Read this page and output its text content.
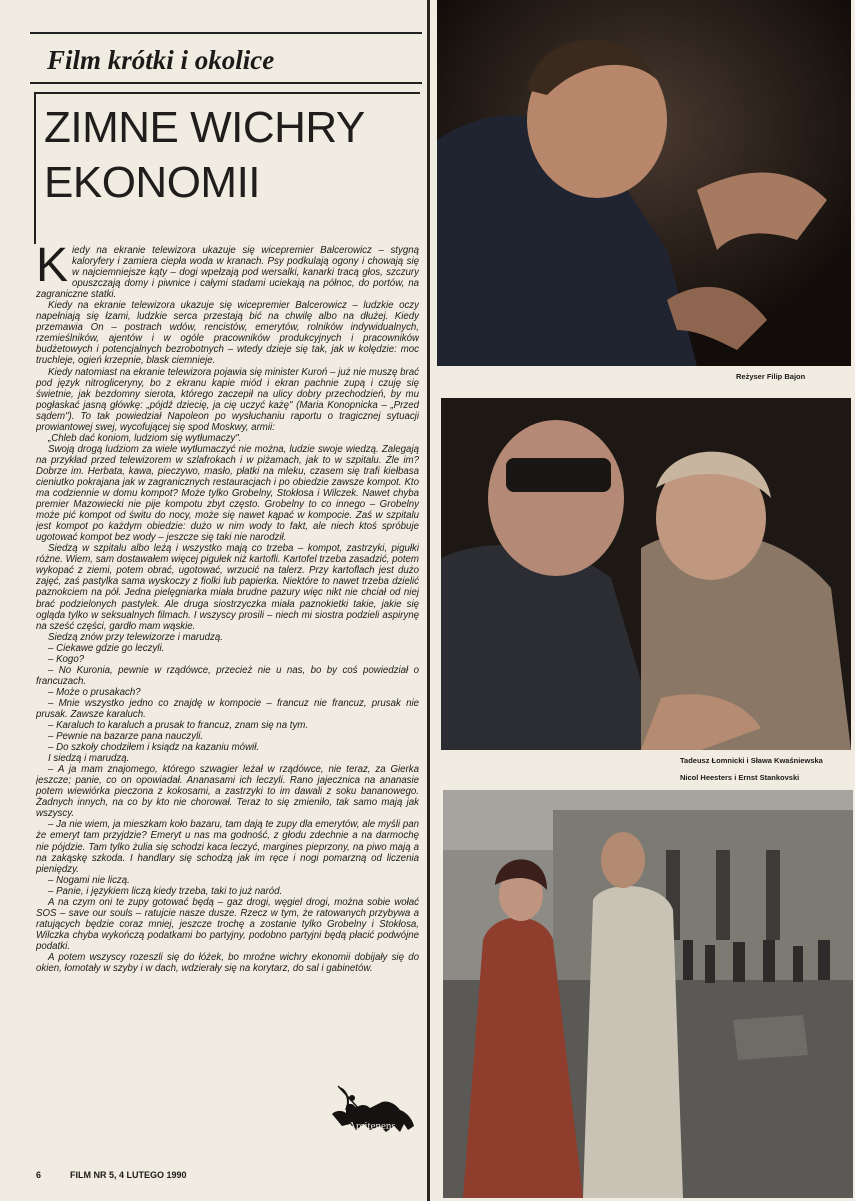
Film krótki i okolice
ZIMNE WICHRY
EKONOMII

Kiedy na ekranie telewizora ukazuje się wicepremier Balcerowicz – stygną kaloryfery i zamiera ciepła woda w kranach. Psy podkulają ogony i chowają się w najciemniejsze kąty – dogi wpełzają pod wersalki, kanarki tracą głos, szczury opuszczają domy i piwnice i całymi stadami uciekają na północ, do portów, na zagraniczne statki.

Kiedy na ekranie telewizora ukazuje się wicepremier Balcerowicz – ludzkie oczy napełniają się łzami, ludzkie serca przestają bić na chwilę albo na dłużej. Kiedy przemawia On – postrach wdów, rencistów, emerytów, rolników indywidualnych, rzemieślników, ajentów i w ogóle pracowników produkcyjnych i pracowników budżetowych i potencjalnych bezrobotnych – wtedy dzieje się tak, jak w kolędzie: moc truchleje, ogień krzepnie, blask ciemnieje.

Kiedy natomiast na ekranie telewizora pojawia się minister Kuroń – już nie muszę brać pod język nitrogliceryny, bo z ekranu kapie miód i ekran pachnie zupą i czuję się świetnie, jak bezdomny sierota, którego zaczepił na ulicy dobry przechodzień, by mu pogłaskać jasną główkę: „pójdź dziecię, ja cię uczyć każę" (Maria Konopnicka – „Przed sądem"). To tak powiedział Napoleon po wysłuchaniu raportu o tragicznej sytuacji prowiantowej swej, wycofującej się spod Moskwy, armii:

„Chleb dać koniom, ludziom się wytłumaczy".

Swoją drogą ludziom za wiele wytłumaczyć nie można, ludzie swoje wiedzą. Zalegają na przykład przed telewizorem w szlafrokach i w piżamach, jak to w szpitalu. Źle im? Dobrze im. Herbata, kawa, pieczywo, masło, płatki na mleku, czasem się trafi kiełbasa cieniutko pokrajana jak w zagranicznych restauracjach i po obiedzie zawsze kompot. Kto ma codziennie w domu kompot? Może tylko Grobelny, Stokłosa i Wilczek. Nawet chyba premier Mazowiecki nie pije kompotu zbyt często. Grobelny to co innego – Grobelny może pić kompot od świtu do nocy, może się nawet kąpać w kompocie. Zaś w szpitalu jest kompot po każdym obiedzie: dużo w nim wody to fakt, ale niech ktoś spróbuje ugotować kompot bez wody – jeszcze się taki nie narodził.

Siedzą w szpitalu albo leżą i wszystko mają co trzeba – kompot, zastrzyki, pigułki różne. Wiem, sam dostawałem więcej pigułek niż kartofli. Kartofel trzeba zasadzić, potem wykopać z ziemi, potem obrać, ugotować, wrzucić na talerz. Przy kartoflach jest dużo zajęć, zaś pastylka sama wyskoczy z fiolki lub papierka. Niektóre to nawet trzeba dzielić paznokciem na pół. Jedna pielęgniarka miała brudne pazury więc nikt nie chciał od niej brać podzielonych pastylek. Ale druga siostrzyczka miała paznokietki takie, jakie się ogląda tylko w seksualnych filmach. I wszyscy prosili – niech mi siostra podzieli aspirynę na sześć części, gardło mam wąskie.

Siedzą znów przy telewizorze i marudzą.

– Ciekawe gdzie go leczyli.

– Kogo?

– No Kuronia, pewnie w rządówce, przecież nie u nas, bo by coś powiedział o francuzach.

– Może o prusakach?

– Mnie wszystko jedno co znajdę w kompocie – francuz nie francuz, prusak nie prusak. Zawsze karaluch.

– Karaluch to karaluch a prusak to francuz, znam się na tym.

– Pewnie na bazarze pana nauczyli.

– Do szkoły chodziłem i ksiądz na kazaniu mówił.

I siedzą i marudzą.

– A ja mam znajomego, którego szwagier leżał w rządówce, nie teraz, za Gierka jeszcze; panie, co on opowiadał. Ananasami ich leczyli. Rano jajecznica na ananasie potem wiewiórka pieczona z kokosami, a zastrzyki to im dawali z soku bananowego. Żadnych innych, na co by kto nie chorował. Teraz to się zmieniło, tak samo mają jak wszyscy.

– Ja nie wiem, ja mieszkam koło bazaru, tam dają te zupy dla emerytów, ale myśli pan że emeryt tam przyjdzie? Emeryt u nas ma godność, z głodu zdechnie a na darmochę nie pójdzie. Tam tylko żulia się schodzi kaca leczyć, margines pieprzony, na piwo mają a na zakąskę szkoda. I handlary się schodzą jak im ręce i nogi pomarzną od liczenia pieniędzy.

– Nogami nie liczą.

– Panie, i językiem liczą kiedy trzeba, taki to już naród.

A na czym oni te zupy gotować będą – gaz drogi, węgiel drogi, można sobie wołać SOS – save our souls – ratujcie nasze dusze. Rzecz w tym, że ratowanych przybywa a ratujących będzie coraz mniej, jeszcze trochę a zostanie tylko Grobelny i Stokłosa, Wilczka chyba wykończą podatkami bo partyjny, podobno partyjni będą płacić podwójne podatki.

A potem wszyscy rozeszli się do łóżek, bo mroźne wichry ekonomii dobijały się do okien, łomotały w szyby i w dach, wdzierały się na korytarz, do sal i gabinetów.

Arcitenens
6	FILM NR 5, 4 LUTEGO 1990
Reżyser Filip Bajon
Tadeusz Łomnicki i Sława Kwaśniewska
Nicol Heesters i Ernst Stankovski
